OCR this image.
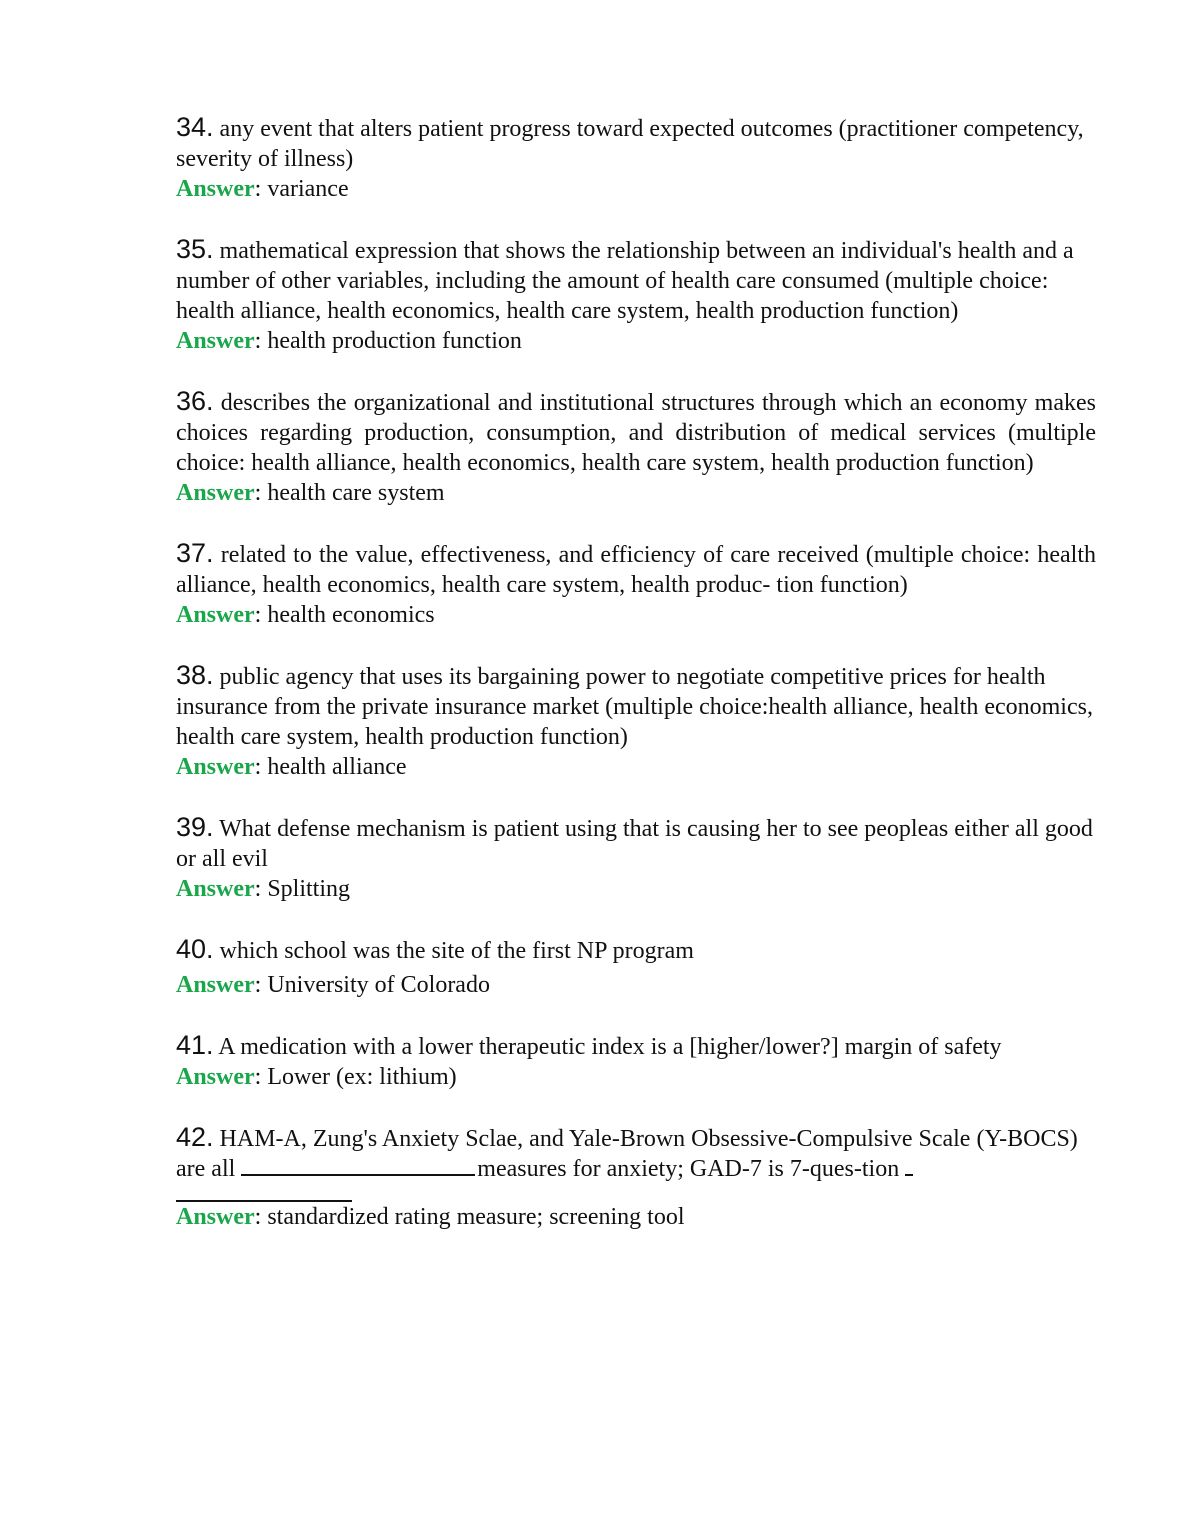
34. any event that alters patient progress toward expected outcomes (practitioner competency, severity of illness)

Answer: variance

35. mathematical expression that shows the relationship between an individual's health and a number of other variables, including the amount of health care consumed (multiple choice: health alliance, health economics, health care system, health production function)

Answer: health production function

36. describes the organizational and institutional structures through which an economy makes choices regarding production, consumption, and distribution of medical services (multiple choice: health alliance, health economics, health care system, health production function)

Answer: health care system

37. related to the value, effectiveness, and efficiency of care received (multiple choice: health alliance, health economics, health care system, health produc- tion function)

Answer: health economics

38. public agency that uses its bargaining power to negotiate competitive prices for health insurance from the private insurance market (multiple choice:health alliance, health economics, health care system, health production function)

Answer: health alliance

39. What defense mechanism is patient using that is causing her to see peopleas either all good or all evil

Answer: Splitting

40. which school was the site of the first NP program

Answer: University of Colorado

41. A medication with a lower therapeutic index is a [higher/lower?] margin of safety

Answer: Lower (ex: lithium)

42. HAM-A, Zung's Anxiety Sclae, and Yale-Brown Obsessive-Compulsive Scale (Y-BOCS) are all	measures for anxiety; GAD-7 is 7-ques-tion

Answer: standardized rating measure; screening tool
